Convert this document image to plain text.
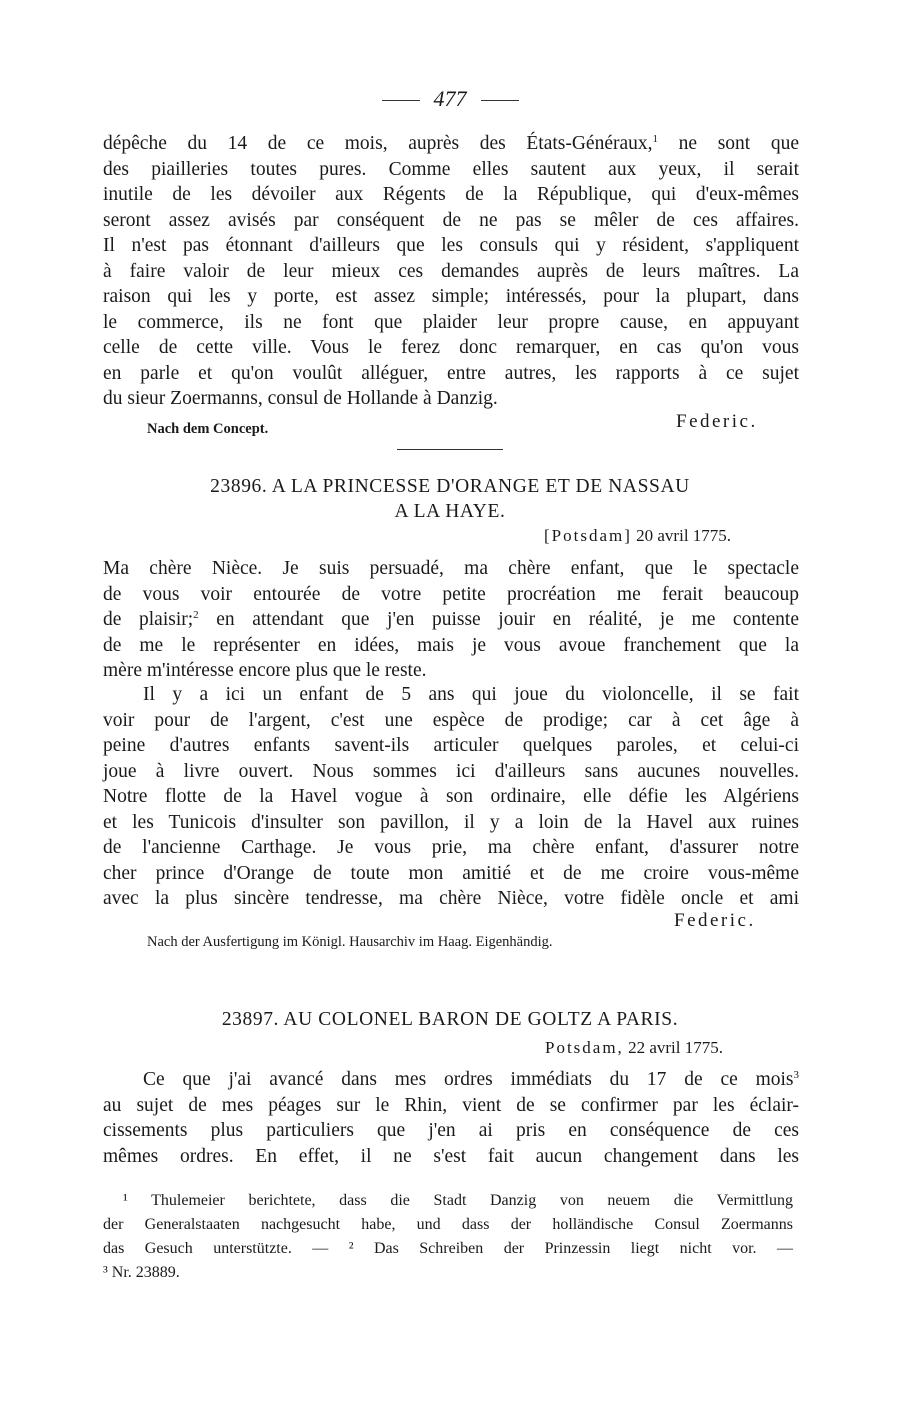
477
dépêche du 14 de ce mois, auprès des États-Généraux,$^1$ ne sont que
des piailleries toutes pures. Comme elles sautent aux yeux, il serait
inutile de les dévoiler aux Régents de la République, qui d'eux-mêmes
seront assez avisés par conséquent de ne pas se mêler de ces affaires.
Il n'est pas étonnant d'ailleurs que les consuls qui y résident, s'appliquent
à faire valoir de leur mieux ces demandes auprès de leurs maîtres. La
raison qui les y porte, est assez simple; intéressés, pour la plupart, dans
le commerce, ils ne font que plaider leur propre cause, en appuyant
celle de cette ville. Vous le ferez donc remarquer, en cas qu'on vous
en parle et qu'on voulût alléguer, entre autres, les rapports à ce sujet
du sieur Zoermanns, consul de Hollande à Danzig.
Nach dem Concept.	Federic.
23896. A LA PRINCESSE D'ORANGE ET DE NASSAU
A LA HAYE.
[Potsdam] 20 avril 1775.
Ma chère Nièce. Je suis persuadé, ma chère enfant, que le spectacle
de vous voir entourée de votre petite procréation me ferait beaucoup
de plaisir;$^2$ en attendant que j'en puisse jouir en réalité, je me contente
de me le représenter en idées, mais je vous avoue franchement que la
mère m'intéresse encore plus que le reste.
Il y a ici un enfant de 5 ans qui joue du violoncelle, il se fait
voir pour de l'argent, c'est une espèce de prodige; car à cet âge à
peine d'autres enfants savent-ils articuler quelques paroles, et celui-ci
joue à livre ouvert. Nous sommes ici d'ailleurs sans aucunes nouvelles.
Notre flotte de la Havel vogue à son ordinaire, elle défie les Algériens
et les Tunicois d'insulter son pavillon, il y a loin de la Havel aux ruines
de l'ancienne Carthage. Je vous prie, ma chère enfant, d'assurer notre
cher prince d'Orange de toute mon amitié et de me croire vous-même
avec la plus sincère tendresse, ma chère Nièce, votre fidèle oncle et ami
Federic.
Nach der Ausfertigung im Königl. Hausarchiv im Haag. Eigenhändig.
23897. AU COLONEL BARON DE GOLTZ A PARIS.
Potsdam, 22 avril 1775.
Ce que j'ai avancé dans mes ordres immédiats du 17 de ce mois$^3$
au sujet de mes péages sur le Rhin, vient de se confirmer par les éclair-
cissements plus particuliers que j'en ai pris en conséquence de ces
mêmes ordres. En effet, il ne s'est fait aucun changement dans les
¹ Thulemeier berichtete, dass die Stadt Danzig von neuem die Vermittlung
der Generalstaaten nachgesucht habe, und dass der holländische Consul Zoermanns
das Gesuch unterstützte. — ² Das Schreiben der Prinzessin liegt nicht vor. —
³ Nr. 23889.
